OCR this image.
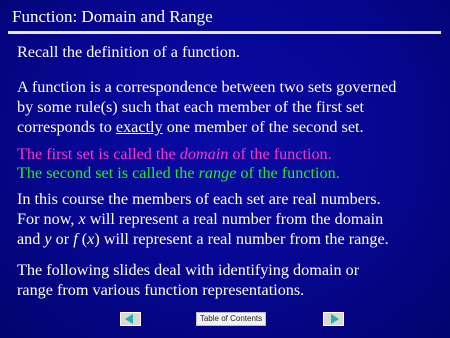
Function: Domain and Range
Recall the definition of a function.
A function is a correspondence between two sets governed
by some rule(s) such that each member of the first set
corresponds to exactly one member of the second set.
The first set is called the domain of the function.
The second set is called the range of the function.
In this course the members of each set are real numbers.
For now, x will represent a real number from the domain
and y or f (x) will represent a real number from the range.
The following slides deal with identifying domain or
range from various function representations.
Table of Contents
